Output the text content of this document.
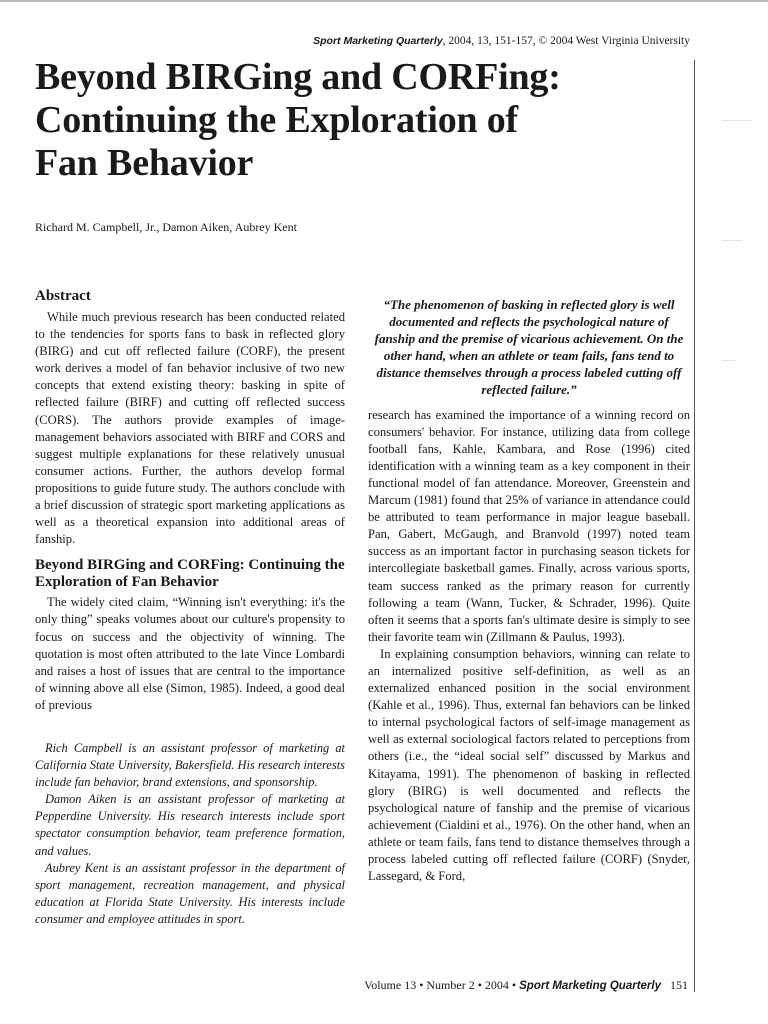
Sport Marketing Quarterly, 2004, 13, 151-157, © 2004 West Virginia University
Beyond BIRGing and CORFing:
Continuing the Exploration of
Fan Behavior
Richard M. Campbell, Jr., Damon Aiken, Aubrey Kent
Abstract

While much previous research has been conducted related to the tendencies for sports fans to bask in reflected glory (BIRG) and cut off reflected failure (CORF), the present work derives a model of fan behavior inclusive of two new concepts that extend existing theory: basking in spite of reflected failure (BIRF) and cutting off reflected success (CORS). The authors provide examples of image-management behaviors associated with BIRF and CORS and suggest multiple explanations for these relatively unusual consumer actions. Further, the authors develop formal propositions to guide future study. The authors conclude with a brief discussion of strategic sport marketing applications as well as a theoretical expansion into additional areas of fanship.

Beyond BIRGing and CORFing: Continuing the Exploration of Fan Behavior

The widely cited claim, “Winning isn't everything: it's the only thing” speaks volumes about our culture's propensity to focus on success and the objectivity of winning. The quotation is most often attributed to the late Vince Lombardi and raises a host of issues that are central to the importance of winning above all else (Simon, 1985). Indeed, a good deal of previous

Rich Campbell is an assistant professor of marketing at California State University, Bakersfield. His research interests include fan behavior, brand extensions, and sponsorship.

Damon Aiken is an assistant professor of marketing at Pepperdine University. His research interests include sport spectator consumption behavior, team preference formation, and values.

Aubrey Kent is an assistant professor in the department of sport management, recreation management, and physical education at Florida State University. His interests include consumer and employee attitudes in sport.

“The phenomenon of basking in reflected glory is well documented and reflects the psychological nature of fanship and the premise of vicarious achievement. On the other hand, when an athlete or team fails, fans tend to distance themselves through a process labeled cutting off reflected failure.”

research has examined the importance of a winning record on consumers' behavior. For instance, utilizing data from college football fans, Kahle, Kambara, and Rose (1996) cited identification with a winning team as a key component in their functional model of fan attendance. Moreover, Greenstein and Marcum (1981) found that 25% of variance in attendance could be attributed to team performance in major league baseball. Pan, Gabert, McGaugh, and Branvold (1997) noted team success as an important factor in purchasing season tickets for intercollegiate basketball games. Finally, across various sports, team success ranked as the primary reason for currently following a team (Wann, Tucker, & Schrader, 1996). Quite often it seems that a sports fan's ultimate desire is simply to see their favorite team win (Zillmann & Paulus, 1993).

In explaining consumption behaviors, winning can relate to an internalized positive self-definition, as well as an externalized enhanced position in the social environment (Kahle et al., 1996). Thus, external fan behaviors can be linked to internal psychological factors of self-image management as well as external sociological factors related to perceptions from others (i.e., the “ideal social self” discussed by Markus and Kitayama, 1991). The phenomenon of basking in reflected glory (BIRG) is well documented and reflects the psychological nature of fanship and the premise of vicarious achievement (Cialdini et al., 1976). On the other hand, when an athlete or team fails, fans tend to distance themselves through a process labeled cutting off reflected failure (CORF) (Snyder, Lassegard, & Ford,

Volume 13 • Number 2 • 2004 • Sport Marketing Quarterly 151
